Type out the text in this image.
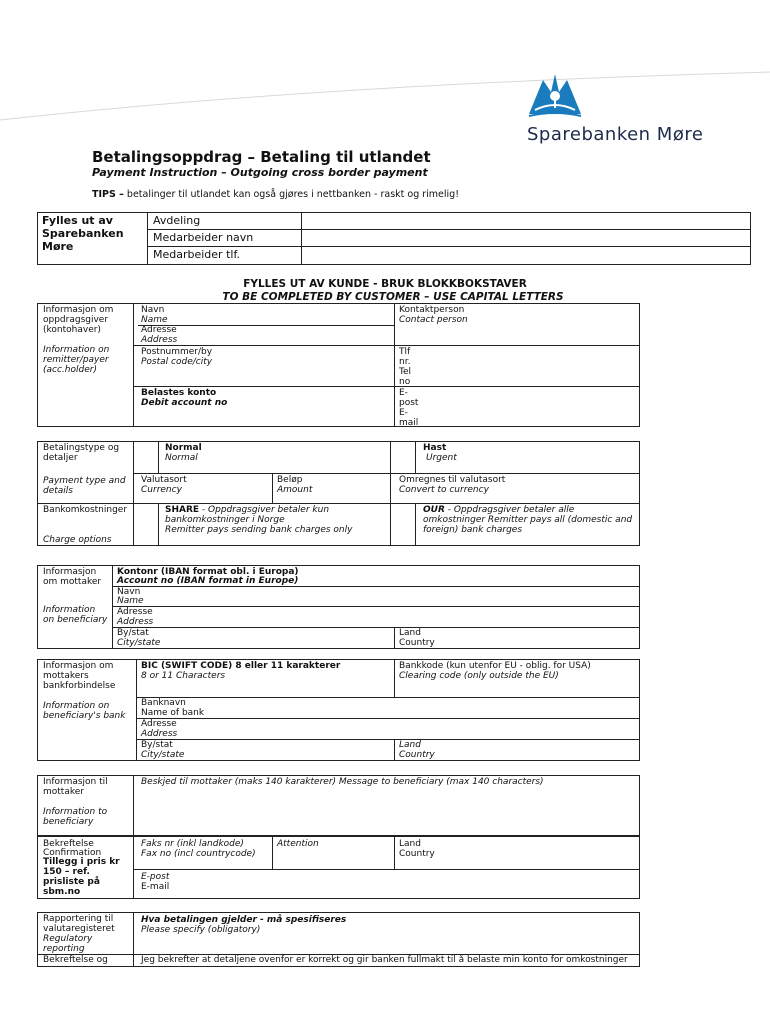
Sparebanken Møre
Betalingsoppdrag – Betaling til utlandet
Payment Instruction – Outgoing cross border payment
TIPS – betalinger til utlandet kan også gjøres i nettbanken - raskt og rimelig!
Fylles ut av Sparebanken Møre
Avdeling
Medarbeider navn
Medarbeider tlf.
FYLLES UT AV KUNDE - BRUK BLOKKBOKSTAVER
TO BE COMPLETED BY CUSTOMER – USE CAPITAL LETTERS
Informasjon om oppdragsgiver (kontohaver)
Information on remitter/payer (acc.holder)
Navn
Name
Adresse
Address
Postnummer/by
Postal code/city
Belastes konto
Debit account no
Kontaktperson
Contact person
Tlf
nr.
Tel
no
E-
post
E-
mail
Betalingstype og detaljer
Payment type and details
Normal
Normal
Hast
Urgent
Valutasort
Currency
Beløp
Amount
Omregnes til valutasort
Convert to currency
Bankomkostninger
Charge options
SHARE - Oppdragsgiver betaler kun bankomkostninger i Norge
Remitter pays sending bank charges only
OUR - Oppdragsgiver betaler alle omkostninger Remitter pays all (domestic and foreign) bank charges
Informasjon om mottaker
Information on beneficiary
Kontonr (IBAN format obl. i Europa)
Account no (IBAN format in Europe)
Navn
Name
Adresse
Address
By/stat
City/state
Land
Country
Informasjon om mottakers bankforbindelse
Information on beneficiary's bank
BIC (SWIFT CODE) 8 eller 11 karakterer
8 or 11 Characters
Bankkode (kun utenfor EU - oblig. for USA)
Clearing code (only outside the EU)
Banknavn
Name of bank
Adresse
Address
By/stat
City/state
Land
Country
Informasjon til mottaker
Information to beneficiary
Beskjed til mottaker (maks 140 karakterer) Message to beneficiary (max 140 characters)
Bekreftelse
Confirmation
Tillegg i pris kr 150 – ref. prisliste på sbm.no
Faks nr (inkl landkode)
Fax no (incl countrycode)
Attention	Land
Country
E-post
E-mail
Rapportering til valutaregisteret
Regulatory reporting
Hva betalingen gjelder - må spesifiseres
Please specify (obligatory)
Bekreftelse og	Jeg bekrefter at detaljene ovenfor er korrekt og gir banken fullmakt til å belaste min konto for omkostninger
